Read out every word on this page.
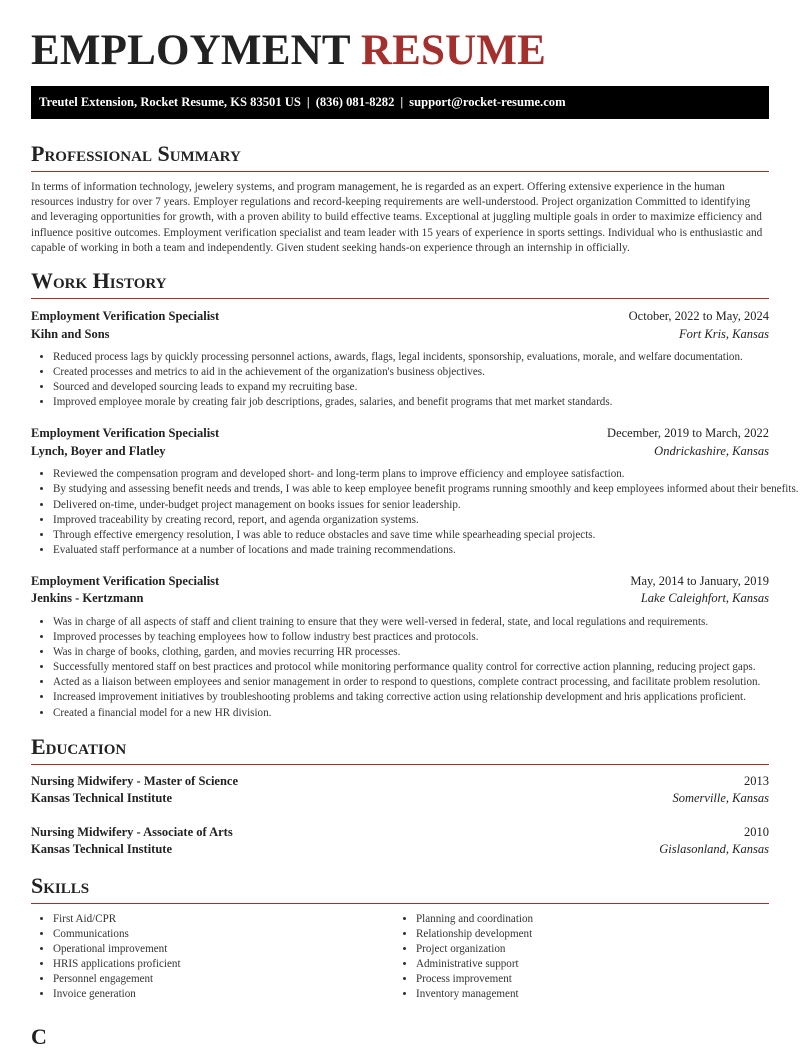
EMPLOYMENT RESUME
Treutel Extension, Rocket Resume, KS 83501 US | (836) 081-8282 | support@rocket-resume.com
Professional Summary
In terms of information technology, jewelery systems, and program management, he is regarded as an expert. Offering extensive experience in the human resources industry for over 7 years. Employer regulations and record-keeping requirements are well-understood. Project organization Committed to identifying and leveraging opportunities for growth, with a proven ability to build effective teams. Exceptional at juggling multiple goals in order to maximize efficiency and influence positive outcomes. Employment verification specialist and team leader with 15 years of experience in sports settings. Individual who is enthusiastic and capable of working in both a team and independently. Given student seeking hands-on experience through an internship in officially.
Work History
Employment Verification Specialist	October, 2022 to May, 2024
Kihn and Sons	Fort Kris, Kansas
• Reduced process lags by quickly processing personnel actions, awards, flags, legal incidents, sponsorship, evaluations, morale, and welfare documentation.
• Created processes and metrics to aid in the achievement of the organization's business objectives.
• Sourced and developed sourcing leads to expand my recruiting base.
• Improved employee morale by creating fair job descriptions, grades, salaries, and benefit programs that met market standards.
Employment Verification Specialist	December, 2019 to March, 2022
Lynch, Boyer and Flatley	Ondrickashire, Kansas
• Reviewed the compensation program and developed short- and long-term plans to improve efficiency and employee satisfaction.
• By studying and assessing benefit needs and trends, I was able to keep employee benefit programs running smoothly and keep employees informed about their benefits.
• Delivered on-time, under-budget project management on books issues for senior leadership.
• Improved traceability by creating record, report, and agenda organization systems.
• Through effective emergency resolution, I was able to reduce obstacles and save time while spearheading special projects.
• Evaluated staff performance at a number of locations and made training recommendations.
Employment Verification Specialist	May, 2014 to January, 2019
Jenkins - Kertzmann	Lake Caleighfort, Kansas
• Was in charge of all aspects of staff and client training to ensure that they were well-versed in federal, state, and local regulations and requirements.
• Improved processes by teaching employees how to follow industry best practices and protocols.
• Was in charge of books, clothing, garden, and movies recurring HR processes.
• Successfully mentored staff on best practices and protocol while monitoring performance quality control for corrective action planning, reducing project gaps.
• Acted as a liaison between employees and senior management in order to respond to questions, complete contract processing, and facilitate problem resolution.
• Increased improvement initiatives by troubleshooting problems and taking corrective action using relationship development and hris applications proficient.
• Created a financial model for a new HR division.
Education
Nursing Midwifery - Master of Science	2013
Kansas Technical Institute	Somerville, Kansas
Nursing Midwifery - Associate of Arts	2010
Kansas Technical Institute	Gislasonland, Kansas
Skills
• First Aid/CPR
• Communications
• Operational improvement
• HRIS applications proficient
• Personnel engagement
• Invoice generation
• Planning and coordination
• Relationship development
• Project organization
• Administrative support
• Process improvement
• Inventory management
C
